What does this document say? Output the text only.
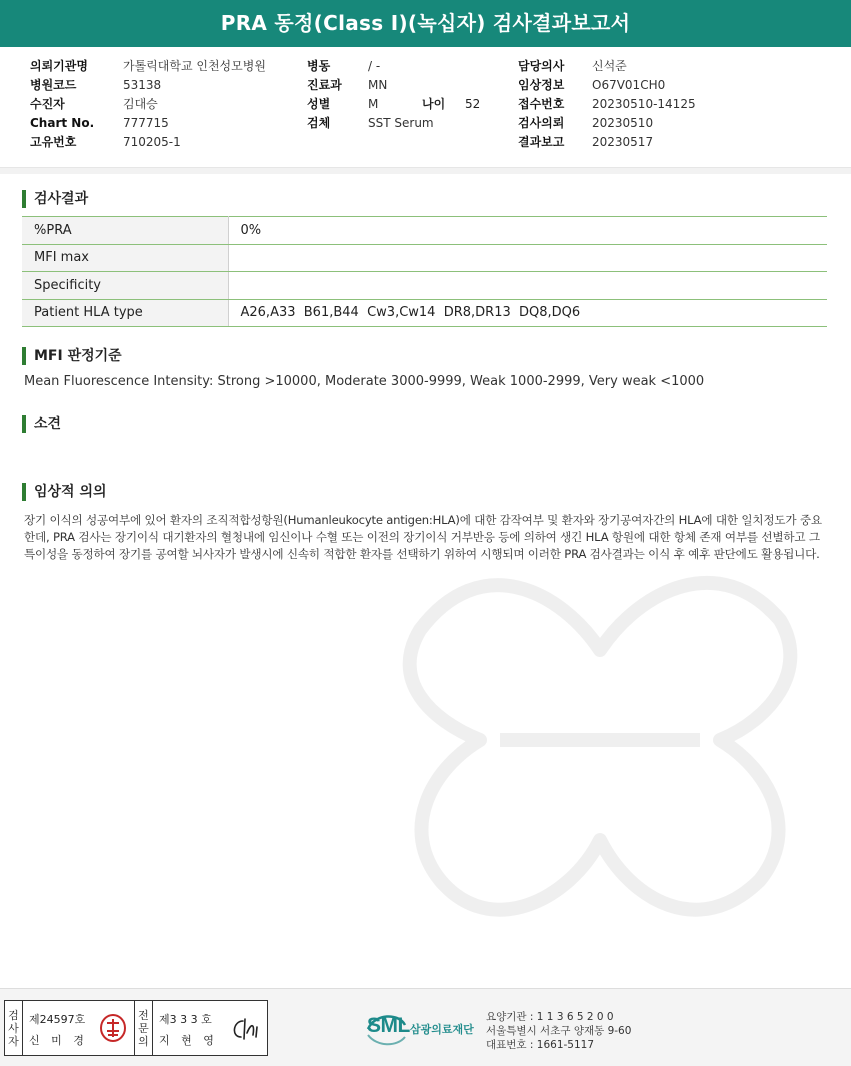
PRA 동정(Class I)(녹십자) 검사결과보고서
의뢰기관명	가톨릭대학교 인천성모병원
병원코드	53138
수진자	김대승
Chart No. 777715
고유번호	710205-1
병동	/ -
진료과 MN
성별	M	나이 52
검체	SST Serum
담당의사 신석준
임상정보 O67V01CH0
접수번호 20230510-14125
검사의뢰 20230510
결과보고 20230517
검사결과
%PRA	0%
MFI max	
Specificity	
Patient HLA type	A26,A33  B61,B44  Cw3,Cw14  DR8,DR13  DQ8,DQ6
MFI 판정기준
Mean Fluorescence Intensity: Strong >10000, Moderate 3000-9999, Weak 1000-2999, Very weak <1000
소견
임상적 의의
장기 이식의 성공여부에 있어 환자의 조직적합성항원(Humanleukocyte antigen:HLA)에 대한 감작여부 및 환자와 장기공여자간의 HLA에 대한 일치정도가 중요한데, PRA 검사는 장기이식 대기환자의 혈청내에 임신이나 수혈 또는 이전의 장기이식 거부반응 등에 의하여 생긴 HLA 항원에 대한 항체 존재 여부를 선별하고 그 특이성을 동정하여 장기를 공여할 뇌사자가 발생시에 신속히 적합한 환자를 선택하기 위하여 시행되며 이러한 PRA 검사결과는 이식 후 예후 판단에도 활용됩니다.
검
사
자
제24597호
신 미 경
전
문
의
제3 3 3 호
지 현 영
SML 삼광의료재단
요양기관 : 1 1 3 6 5 2 0 0
서울특별시 서초구 양재동 9-60
대표번호 : 1661-5117
